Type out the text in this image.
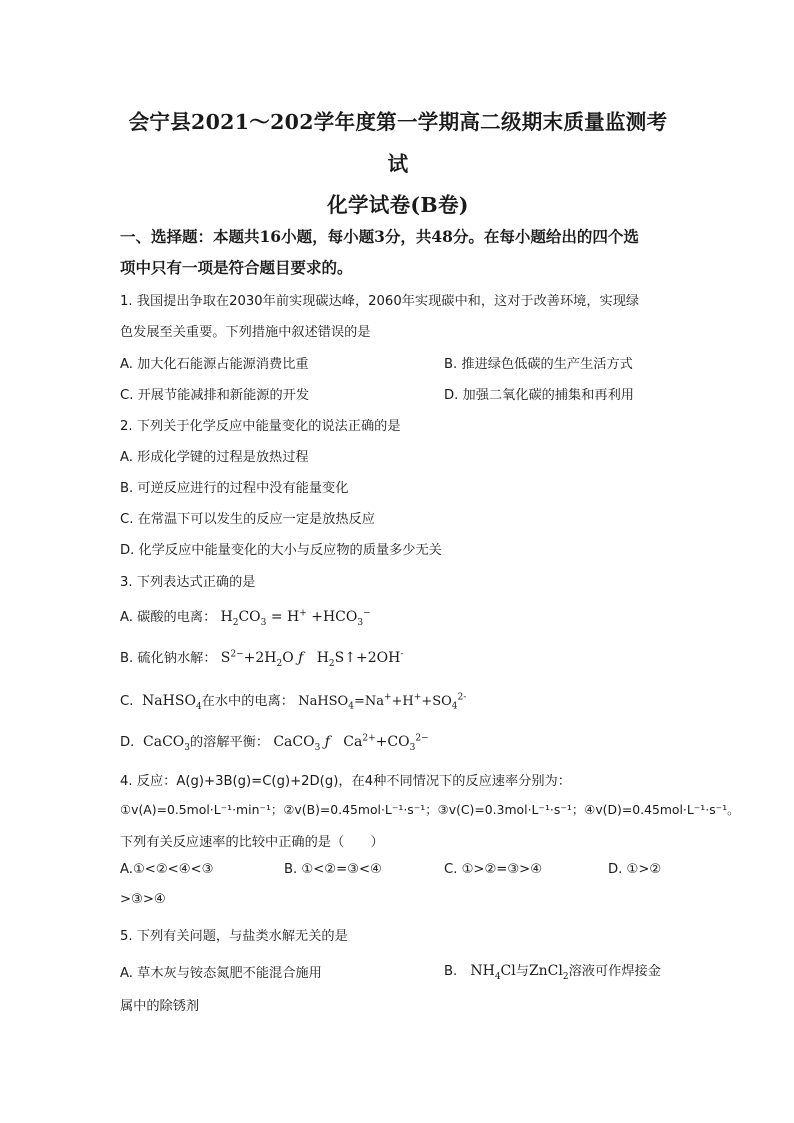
会宁县2021～202学年度第一学期高二级期末质量监测考
试
化学试卷(B卷)
一、选择题：本题共16小题，每小题3分，共48分。在每小题给出的四个选
项中只有一项是符合题目要求的。
1. 我国提出争取在2030年前实现碳达峰，2060年实现碳中和，这对于改善环境，实现绿
色发展至关重要。下列措施中叙述错误的是
A. 加大化石能源占能源消费比重	B. 推进绿色低碳的生产生活方式
C. 开展节能减排和新能源的开发	D. 加强二氧化碳的捕集和再利用
2. 下列关于化学反应中能量变化的说法正确的是
A. 形成化学键的过程是放热过程
B. 可逆反应进行的过程中没有能量变化
C. 在常温下可以发生的反应一定是放热反应
D. 化学反应中能量变化的大小与反应物的质量多少无关
3. 下列表达式正确的是
A. 碳酸的电离： $H_2CO_3 = H^+ +HCO_3^-$
B. 硫化钠水解： $S^{2-}+2H_2O$ ƒ   $H_2S↑+2OH^-$
C.  NaHSO$_4$在水中的电离： $NaHSO_4=Na^++H^++SO_4^{2-}$
D.  CaCO$_3$的溶解平衡： CaCO$_3$ ƒ   $Ca^{2+}+CO_3^{2-}$
4. 反应：A(g)+3B(g)=C(g)+2D(g)，在4种不同情况下的反应速率分别为：
①v(A)=0.5mol·L⁻¹·min⁻¹；②v(B)=0.45mol·L⁻¹·s⁻¹；③v(C)=0.3mol·L⁻¹·s⁻¹；④v(D)=0.45mol·L⁻¹·s⁻¹。
下列有关反应速率的比较中正确的是（　　）
A.①<②<④<③	B. ①<②=③<④	C. ①>②=③>④	D. ①>②
>③>④
5. 下列有关问题，与盐类水解无关的是
A. 草木灰与铵态氮肥不能混合施用	B.   $NH_4Cl$与ZnCl$_2$溶液可作焊接金
属中的除锈剂
